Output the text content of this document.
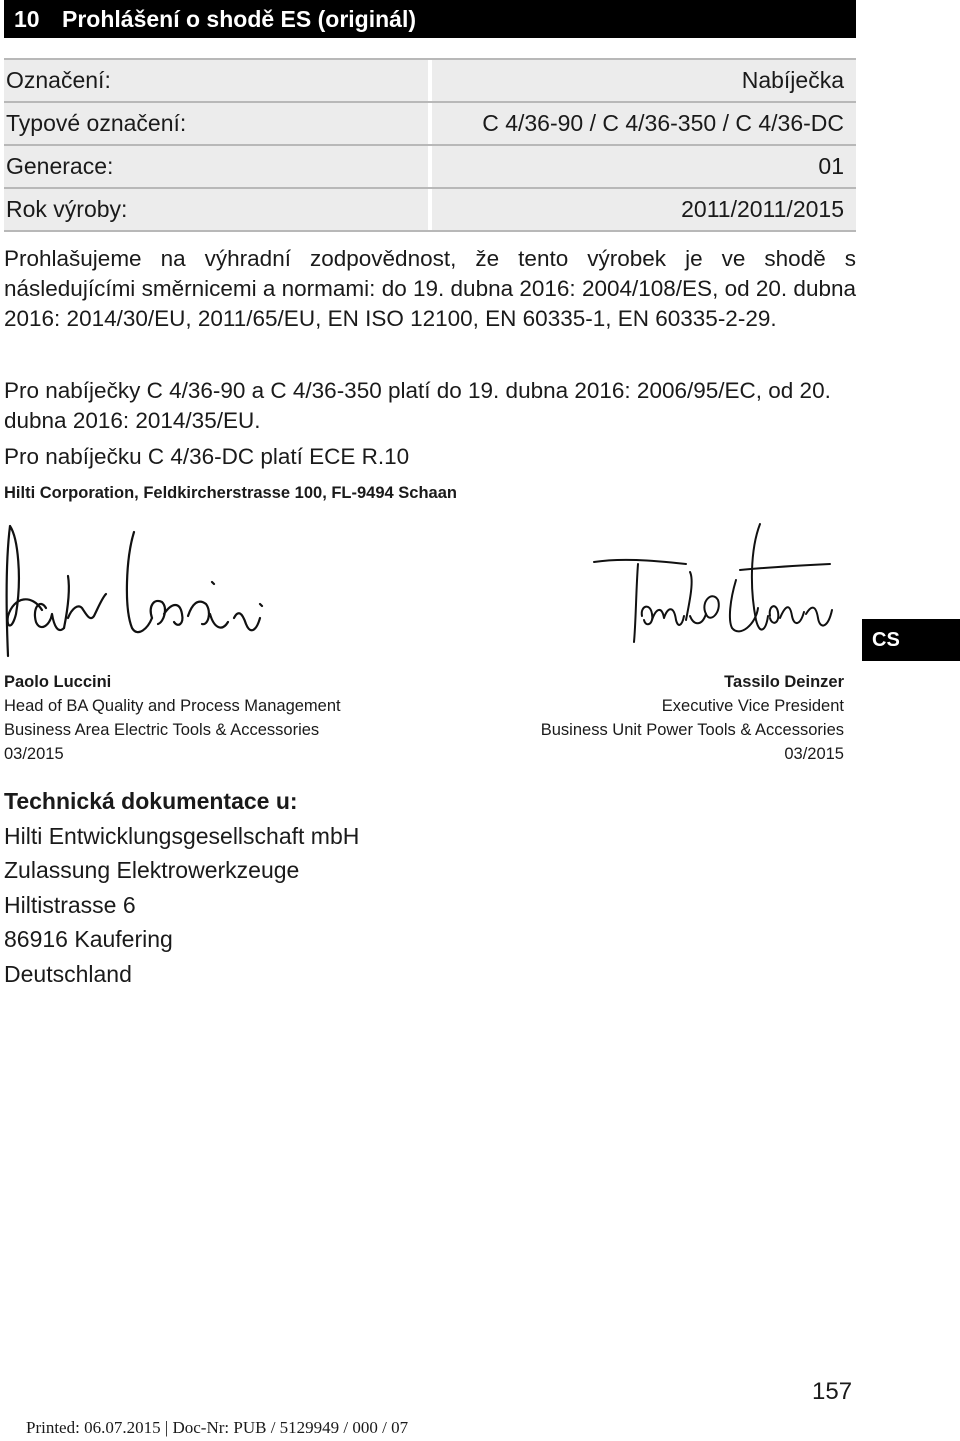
10 Prohlášení o shodě ES (originál)
Označení:	Nabíječka
Typové označení:	C 4/36-90 / C 4/36-350 / C 4/36-DC
Generace:	01
Rok výroby:	2011/2011/2015
Prohlašujeme na výhradní zodpovědnost, že tento výrobek je ve shodě s následujícími směrnicemi a normami: do 19. dubna 2016: 2004/108/ES, od 20. dubna 2016: 2014/30/EU, 2011/65/EU, EN ISO 12100, EN 60335-1, EN 60335-2-29.
Pro nabíječky C 4/36-90 a C 4/36-350 platí do 19. dubna 2016: 2006/95/EC, od 20. dubna 2016: 2014/35/EU.
Pro nabíječku C 4/36-DC platí ECE R.10
Hilti Corporation, Feldkircherstrasse 100, FL-9494 Schaan
CS
Paolo Luccini
Head of BA Quality and Process Management
Business Area Electric Tools & Accessories
03/2015
Tassilo Deinzer
Executive Vice President
Business Unit Power Tools & Accessories
03/2015
Technická dokumentace u:
Hilti Entwicklungsgesellschaft mbH
Zulassung Elektrowerkzeuge
Hiltistrasse 6
86916 Kaufering
Deutschland
157
Printed: 06.07.2015 | Doc-Nr: PUB / 5129949 / 000 / 07
